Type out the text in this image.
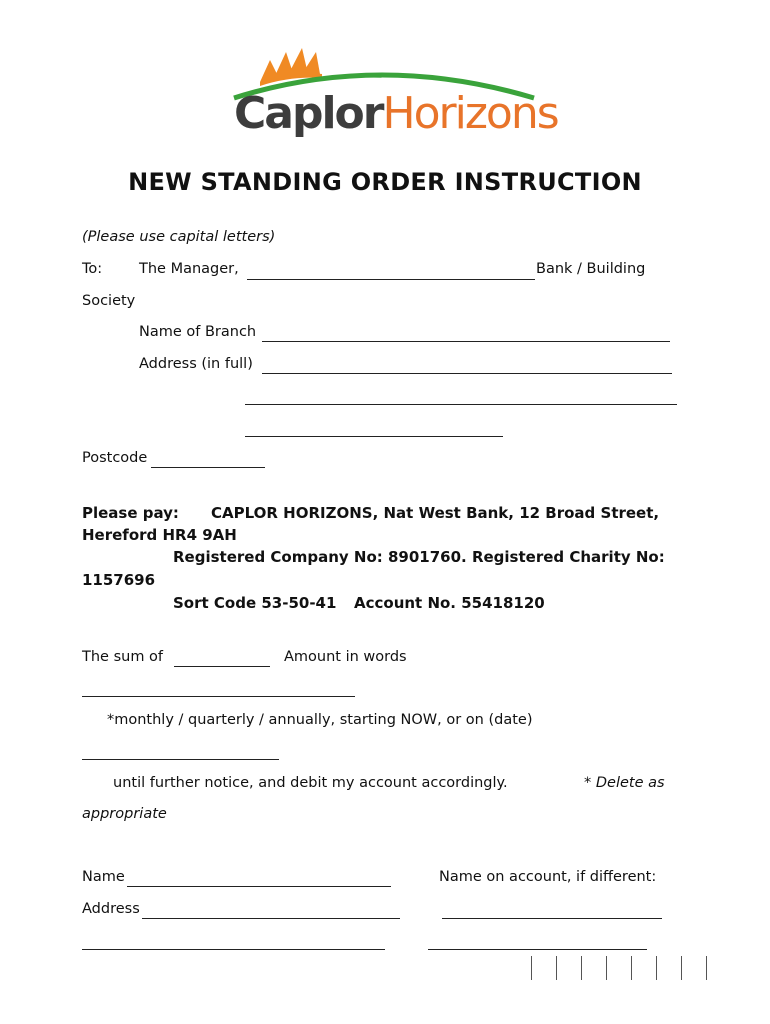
CaplorHorizons
NEW STANDING ORDER INSTRUCTION
(Please use capital letters)
To:	The Manager,	Bank / Building
Society
Name of Branch
Address (in full)
Postcode
Please pay: CAPLOR HORIZONS, Nat West Bank, 12 Broad Street,
Hereford HR4 9AH
Registered Company No: 8901760. Registered Charity No:
1157696
Sort Code 53-50-41 Account No. 55418120
The sum of	Amount in words
*monthly / quarterly / annually, starting NOW, or on (date)
until further notice, and debit my account accordingly.	* Delete as
appropriate
Name	Name on account, if different:
Address
